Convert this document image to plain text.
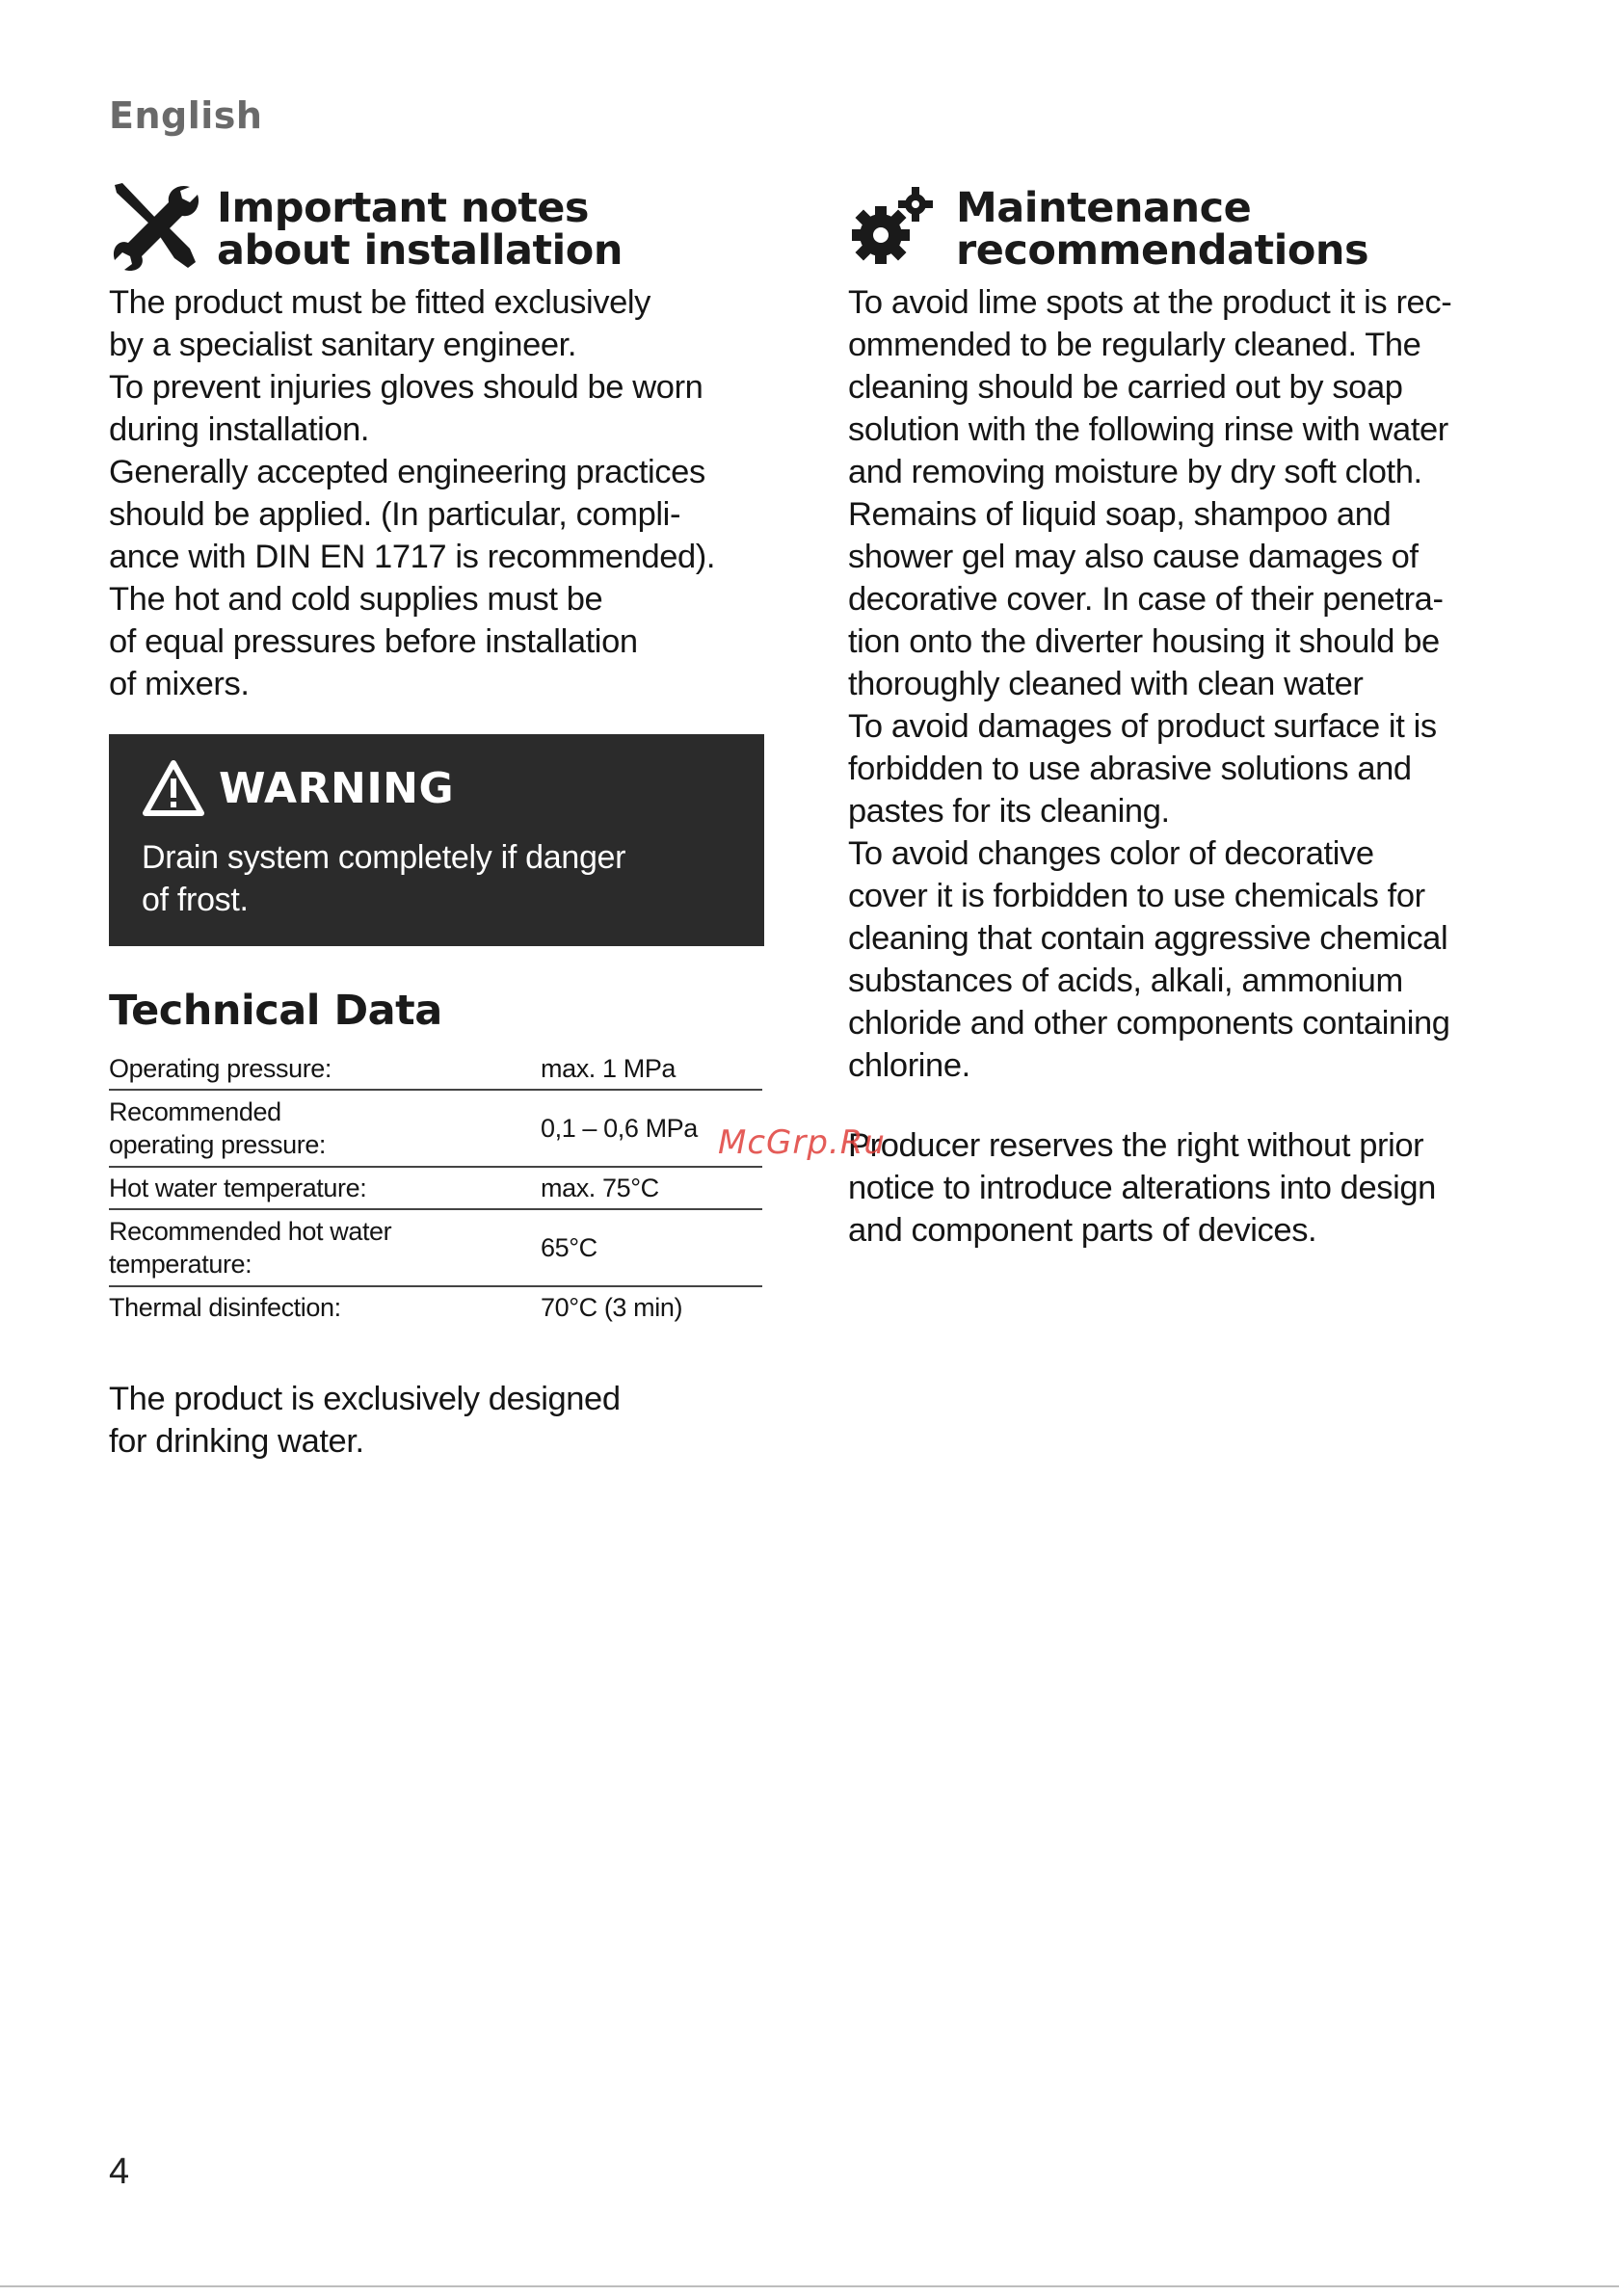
English
Important notes
about installation
The product must be fitted exclusively
by a specialist sanitary engineer.
To prevent injuries gloves should be worn
during installation.
Generally accepted engineering practices
should be applied. (In particular, compli-
ance with DIN EN 1717 is recommended).
The hot and cold supplies must be
of equal pressures before installation
of mixers.
WARNING
Drain system completely if danger
of frost.
Technical Data
Operating pressure:	max. 1 MPa

Recommended
operating pressure:	0,1 – 0,6 MPa
Hot water temperature:	max. 75°C

Recommended hot water
temperature:	65°C
Thermal disinfection:	70°C (3 min)
The product is exclusively designed
for drinking water.
Maintenance
recommendations
To avoid lime spots at the product it is rec-
ommended to be regularly cleaned. The
cleaning should be carried out by soap
solution with the following rinse with water
and removing moisture by dry soft cloth.
Remains of liquid soap, shampoo and
shower gel may also cause damages of
decorative cover. In case of their penetra-
tion onto the diverter housing it should be
thoroughly cleaned with clean water
To avoid damages of product surface it is
forbidden to use abrasive solutions and
pastes for its cleaning.
To avoid changes color of decorative
cover it is forbidden to use chemicals for
cleaning that contain aggressive chemical
substances of acids, alkali, ammonium
chloride and other components containing
chlorine.
Producer reserves the right without prior
notice to introduce alterations into design
and component parts of devices.
McGrp.Ru
4
